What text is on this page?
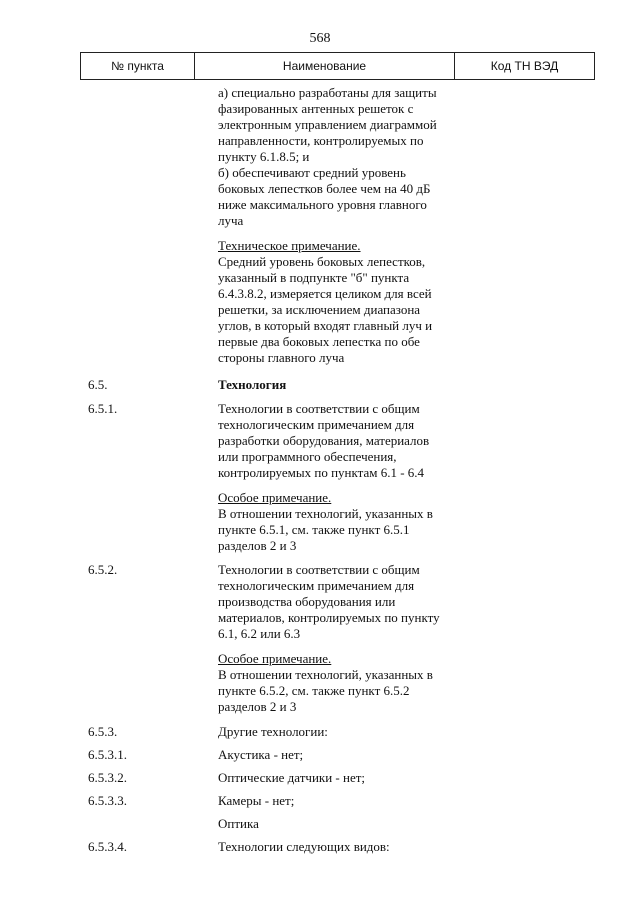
568
№ пункта	Наименование	Код ТН ВЭД
а) специально разработаны для защиты
фазированных антенных решеток с
электронным управлением диаграммой
направленности, контролируемых по
пункту 6.1.8.5; и
б) обеспечивают средний уровень
боковых лепестков более чем на 40 дБ
ниже максимального уровня главного
луча
Техническое примечание.
Средний уровень боковых лепестков,
указанный в подпункте "б" пункта
6.4.3.8.2, измеряется целиком для всей
решетки, за исключением диапазона
углов, в который входят главный луч и
первые два боковых лепестка по обе
стороны главного луча
6.5.	Технология
6.5.1.	Технологии в соответствии с общим
технологическим примечанием для
разработки оборудования, материалов
или программного обеспечения,
контролируемых по пунктам 6.1 - 6.4
Особое примечание.
В отношении технологий, указанных в
пункте 6.5.1, см. также пункт 6.5.1
разделов 2 и 3
6.5.2.	Технологии в соответствии с общим
технологическим примечанием для
производства оборудования или
материалов, контролируемых по пункту
6.1, 6.2 или 6.3
Особое примечание.
В отношении технологий, указанных в
пункте 6.5.2, см. также пункт 6.5.2
разделов 2 и 3
6.5.3.	Другие технологии:
6.5.3.1.	Акустика - нет;
6.5.3.2.	Оптические датчики - нет;
6.5.3.3.	Камеры - нет;
Оптика
6.5.3.4.	Технологии следующих видов:
